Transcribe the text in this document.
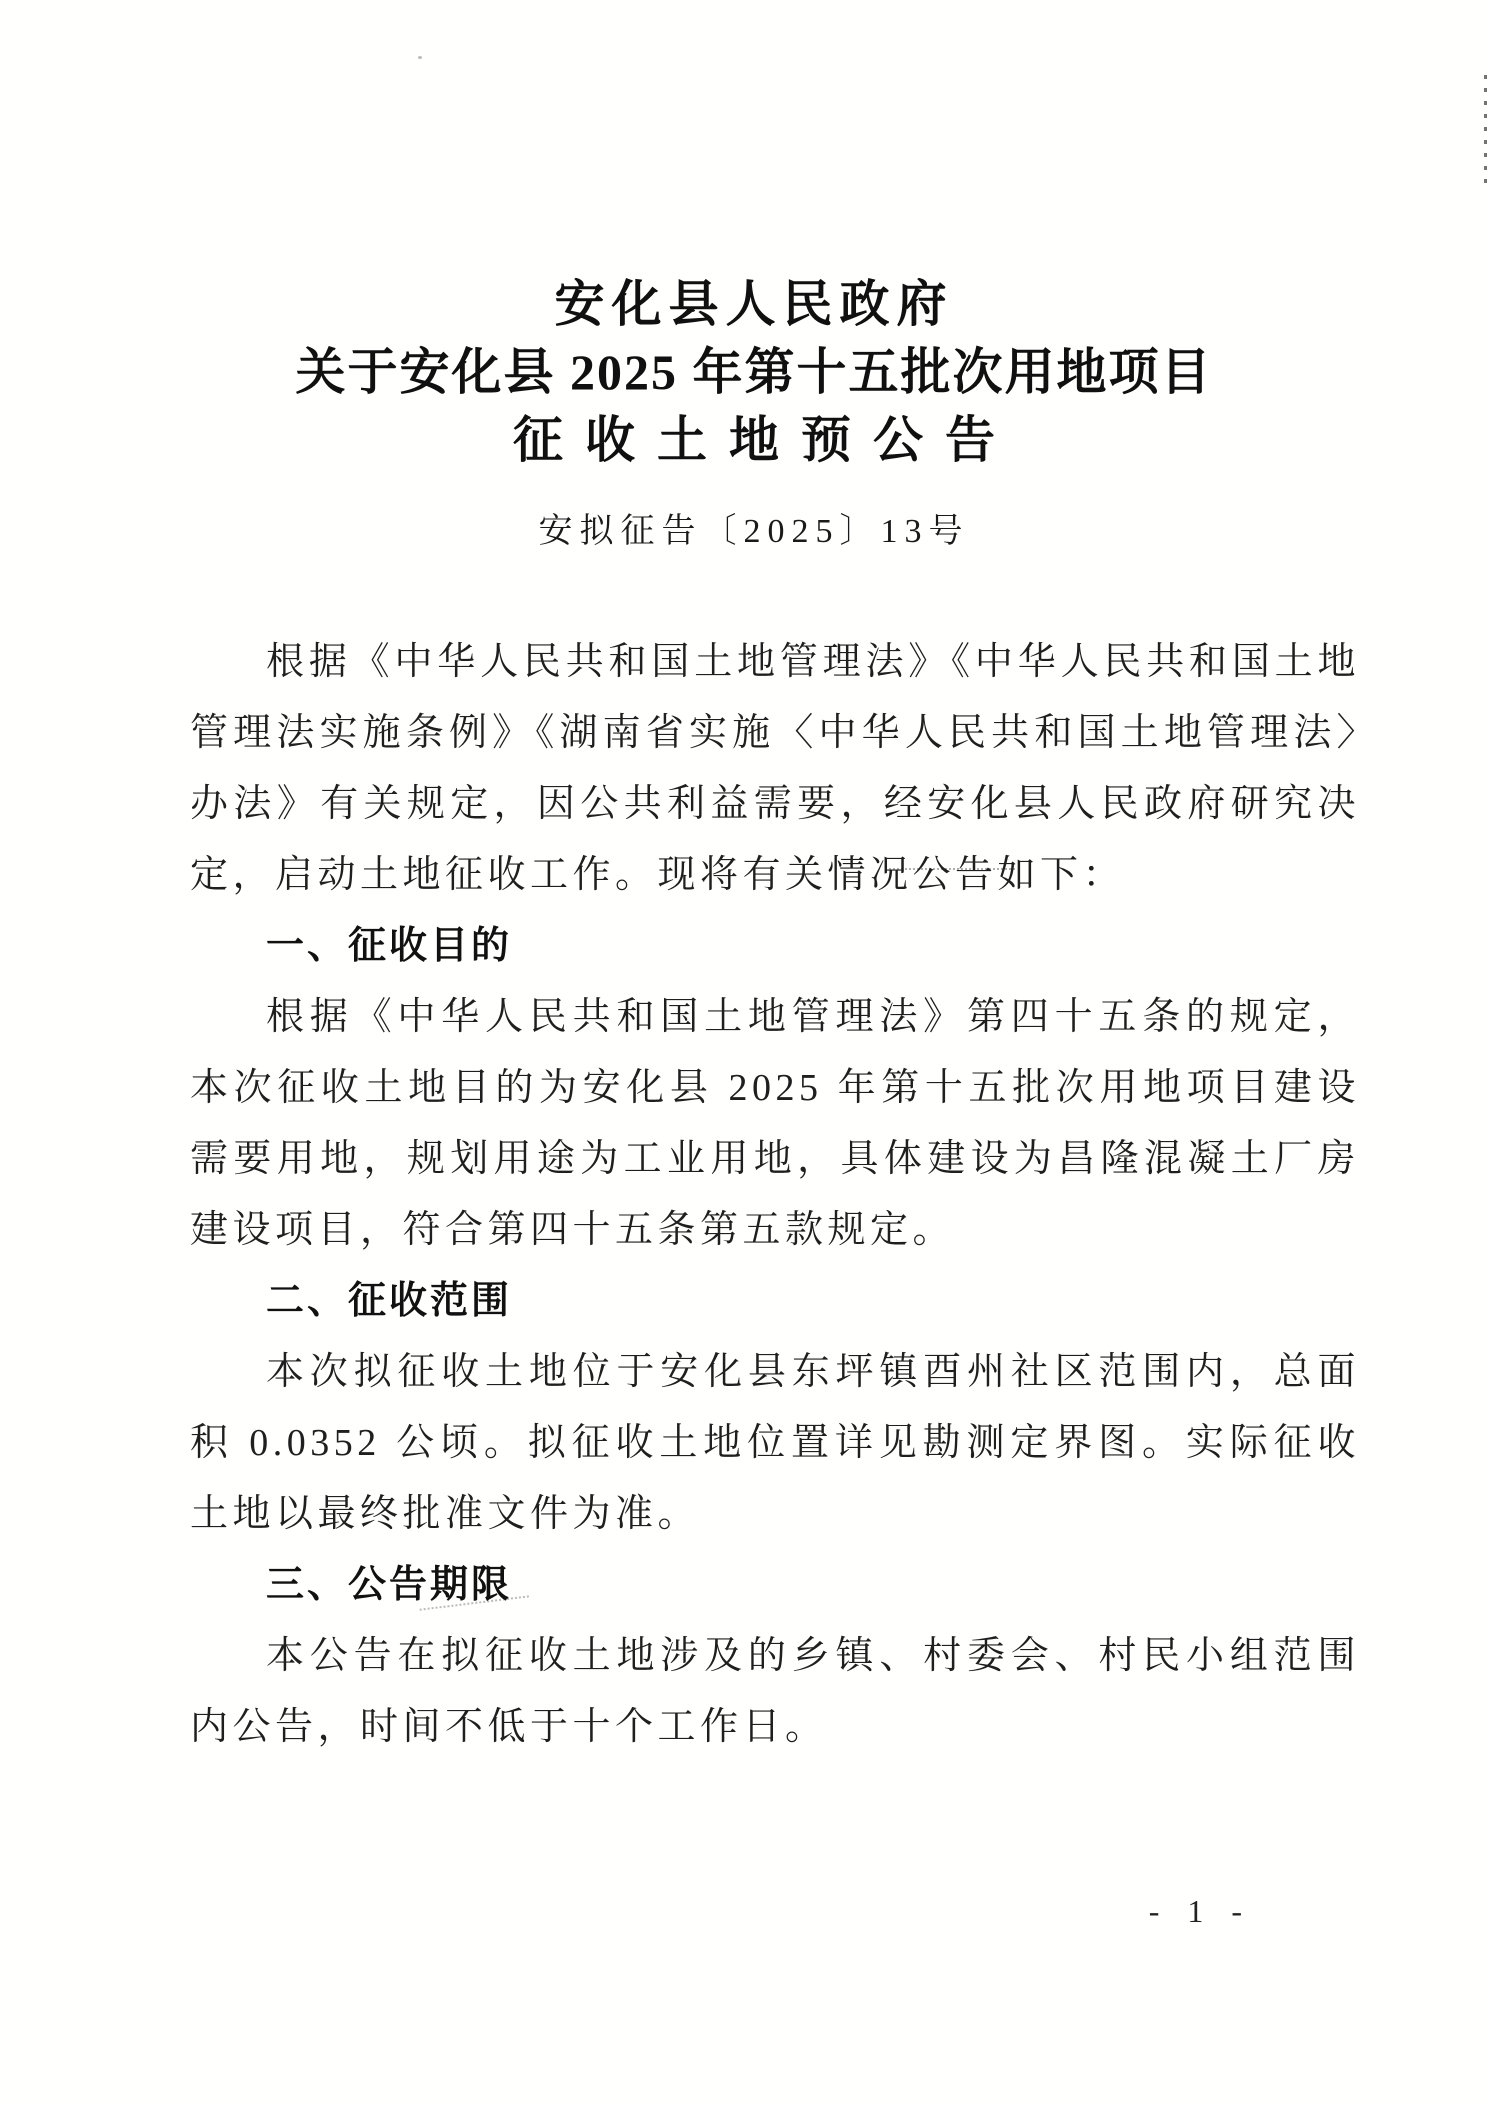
安化县人民政府
关于安化县 2025 年第十五批次用地项目
征收土地预公告
安拟征告〔2025〕13号

根据《中华人民共和国土地管理法》《中华人民共和国土地管理法实施条例》《湖南省实施〈中华人民共和国土地管理法〉办法》有关规定，因公共利益需要，经安化县人民政府研究决定，启动土地征收工作。现将有关情况公告如下：

一、征收目的

根据《中华人民共和国土地管理法》第四十五条的规定，本次征收土地目的为安化县 2025 年第十五批次用地项目建设需要用地，规划用途为工业用地，具体建设为昌隆混凝土厂房建设项目，符合第四十五条第五款规定。

二、征收范围

本次拟征收土地位于安化县东坪镇酉州社区范围内，总面积 0.0352 公顷。拟征收土地位置详见勘测定界图。实际征收土地以最终批准文件为准。

三、公告期限

本公告在拟征收土地涉及的乡镇、村委会、村民小组范围内公告，时间不低于十个工作日。

- 1 -
